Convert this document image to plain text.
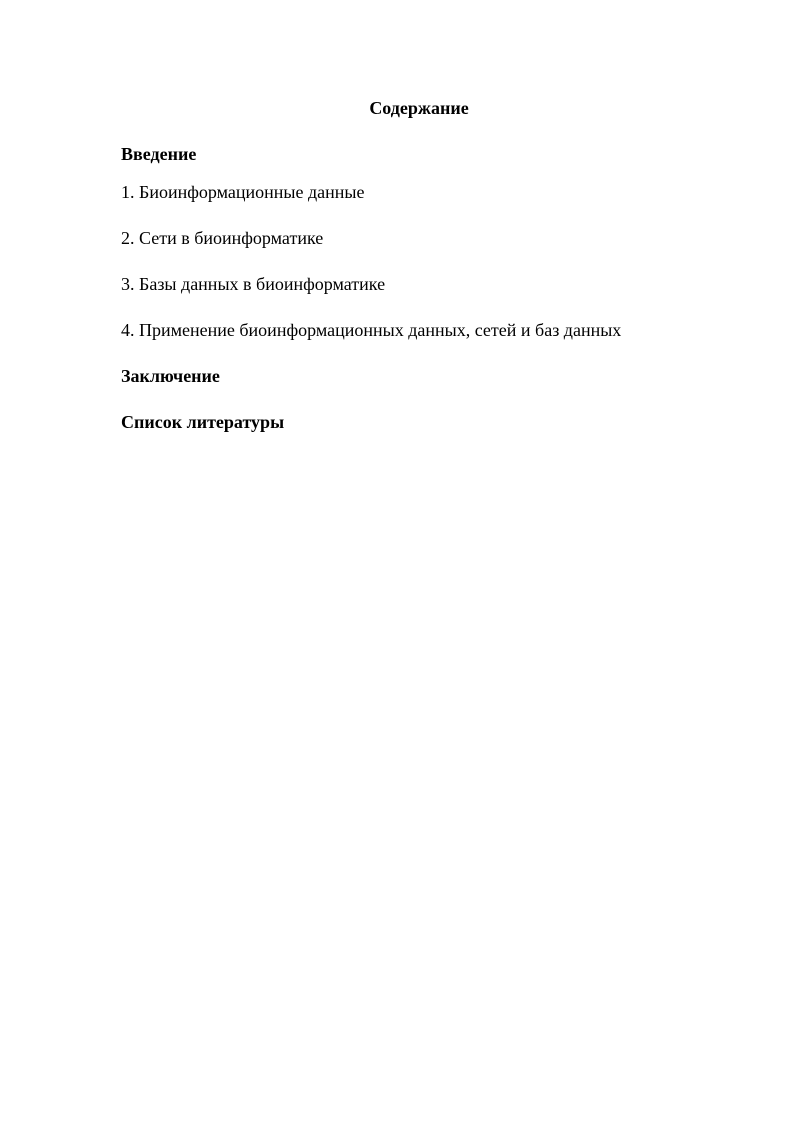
Содержание
Введение
1. Биоинформационные данные
2. Сети в биоинформатике
3. Базы данных в биоинформатике
4. Применение биоинформационных данных, сетей и баз данных
Заключение
Список литературы
